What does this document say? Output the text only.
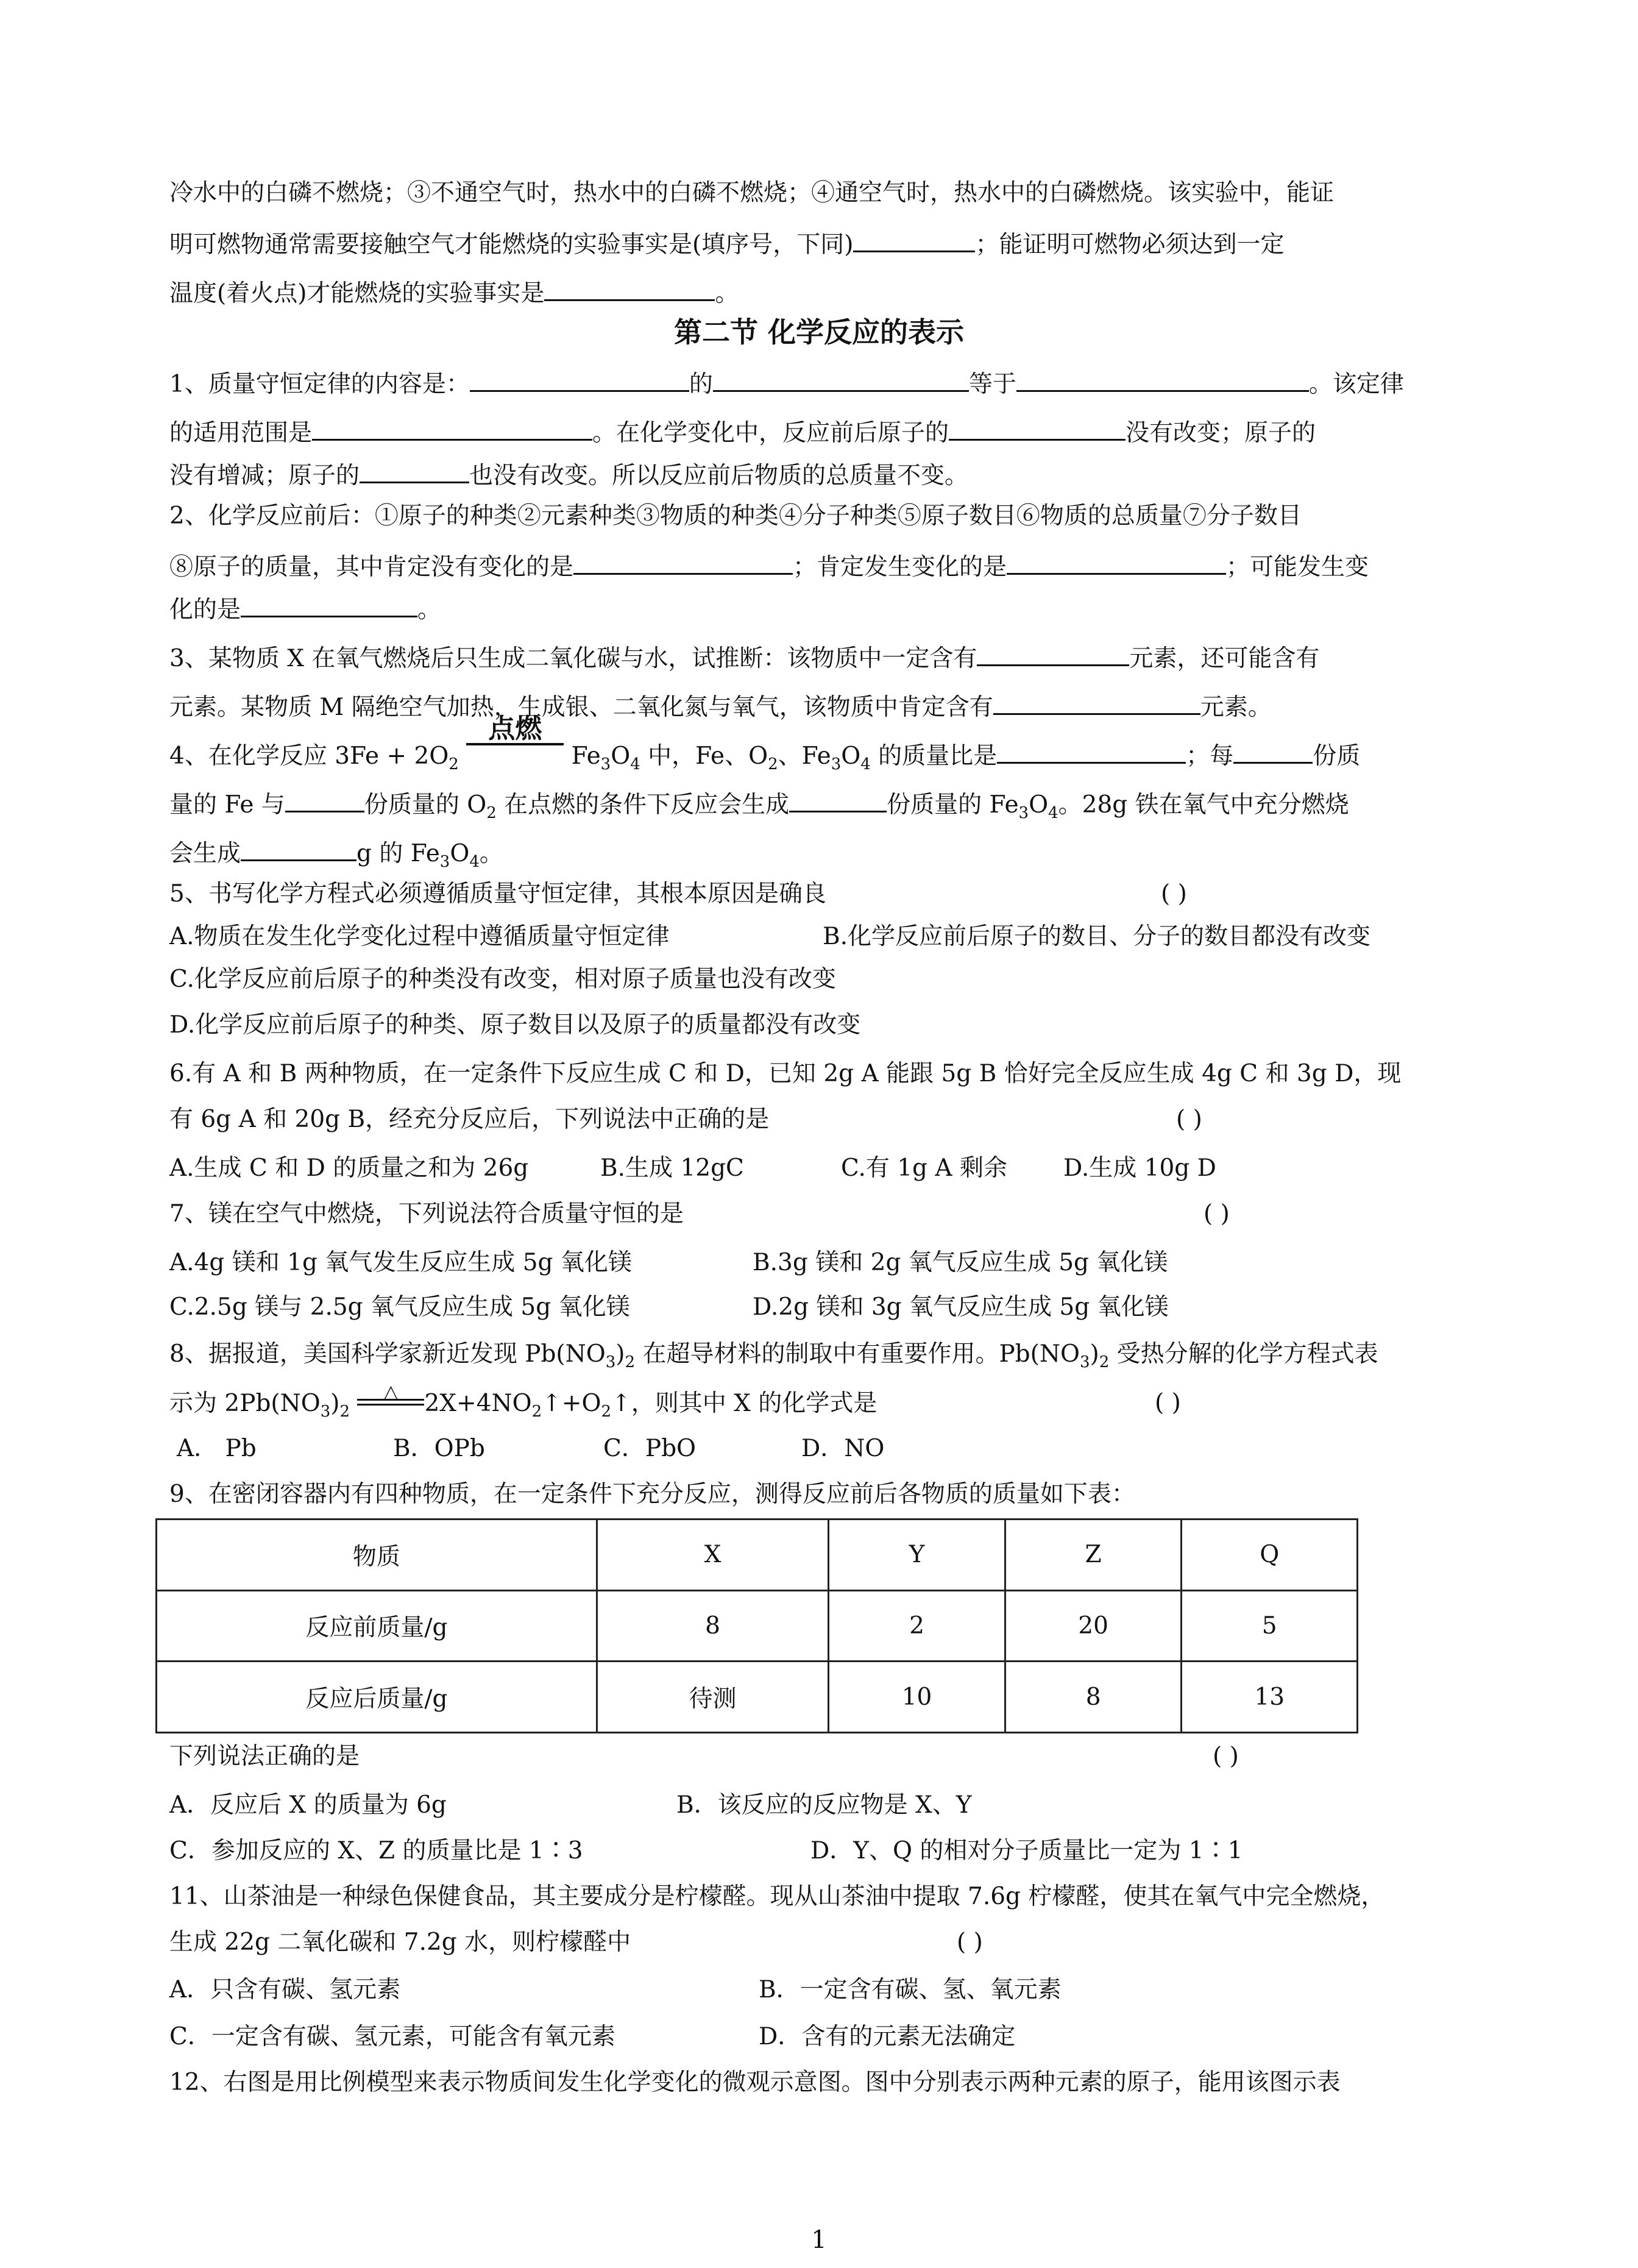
冷水中的白磷不燃烧；③不通空气时，热水中的白磷不燃烧；④通空气时，热水中的白磷燃烧。该实验中，能证
明可燃物通常需要接触空气才能燃烧的实验事实是(填序号，下同)	；能证明可燃物必须达到一定
温度(着火点)才能燃烧的实验事实是	。
第二节 化学反应的表示
1、质量守恒定律的内容是：	的	等于	。该定律
的适用范围是	。在化学变化中，反应前后原子的	没有改变；原子的
没有增减；原子的	也没有改变。所以反应前后物质的总质量不变。
2、化学反应前后：①原子的种类②元素种类③物质的种类④分子种类⑤原子数目⑥物质的总质量⑦分子数目
⑧原子的质量，其中肯定没有变化的是	；肯定发生变化的是	；可能发生变
化的是	。
3、某物质 X 在氧气燃烧后只生成二氧化碳与水，试推断：该物质中一定含有	元素，还可能含有
元素。某物质 M 隔绝空气加热，生成银、二氧化氮与氧气，该物质中肯定含有	元素。
4、在化学反应 $3Fe + 2O_2$
点燃
$Fe_3O_4$ 中，Fe、$O_2$、$Fe_3O_4$ 的质量比是	；每	份质
量的 Fe 与	份质量的 $O_2$ 在点燃的条件下反应会生成	份质量的 $Fe_3O_4$。28g 铁在氧气中充分燃烧
会生成	g 的 $Fe_3O_4$。
5、书写化学方程式必须遵循质量守恒定律，其根本原因是确良	( )
A.物质在发生化学变化过程中遵循质量守恒定律	B.化学反应前后原子的数目、分子的数目都没有改变
C.化学反应前后原子的种类没有改变，相对原子质量也没有改变
D.化学反应前后原子的种类、原子数目以及原子的质量都没有改变
6.有 A 和 B 两种物质，在一定条件下反应生成 C 和 D，已知 2g A 能跟 5g B 恰好完全反应生成 4g C 和 3g D，现
有 6g A 和 20g B，经充分反应后，下列说法中正确的是	( )
A.生成 C 和 D 的质量之和为 26g	B.生成 12gC	C.有 1g A 剩余 D.生成 10g D
7、镁在空气中燃烧，下列说法符合质量守恒的是	( )
A.4g 镁和 1g 氧气发生反应生成 5g 氧化镁	B.3g 镁和 2g 氧气反应生成 5g 氧化镁
C.2.5g 镁与 2.5g 氧气反应生成 5g 氧化镁	D.2g 镁和 3g 氧气反应生成 5g 氧化镁
8、据报道，美国科学家新近发现 $Pb(NO_3)_2$ 在超导材料的制取中有重要作用。$Pb(NO_3)_2$ 受热分解的化学方程式表
示为 $2Pb(NO_3)_2$
△	$2X+4NO_2↑+O_2↑$，则其中 X 的化学式是	( )
A． Pb	B．OPb	C．PbO	D．NO
9、在密闭容器内有四种物质，在一定条件下充分反应，测得反应前后各物质的质量如下表：
物质	X	Y	Z	Q
反应前质量/g	8	2	20	5
反应后质量/g	待测	10	8	13
下列说法正确的是	( )
A．反应后 X 的质量为 6g	B．该反应的反应物是 X、Y
C．参加反应的 X、Z 的质量比是 1∶3	D．Y、Q 的相对分子质量比一定为 1∶1
11、山茶油是一种绿色保健食品，其主要成分是柠檬醛。现从山茶油中提取 7.6g 柠檬醛，使其在氧气中完全燃烧，
生成 22g 二氧化碳和 7.2g 水，则柠檬醛中	( )
A．只含有碳、氢元素	B．一定含有碳、氢、氧元素
C．一定含有碳、氢元素，可能含有氧元素	D．含有的元素无法确定
12、右图是用比例模型来表示物质间发生化学变化的微观示意图。图中分别表示两种元素的原子，能用该图示表
1
